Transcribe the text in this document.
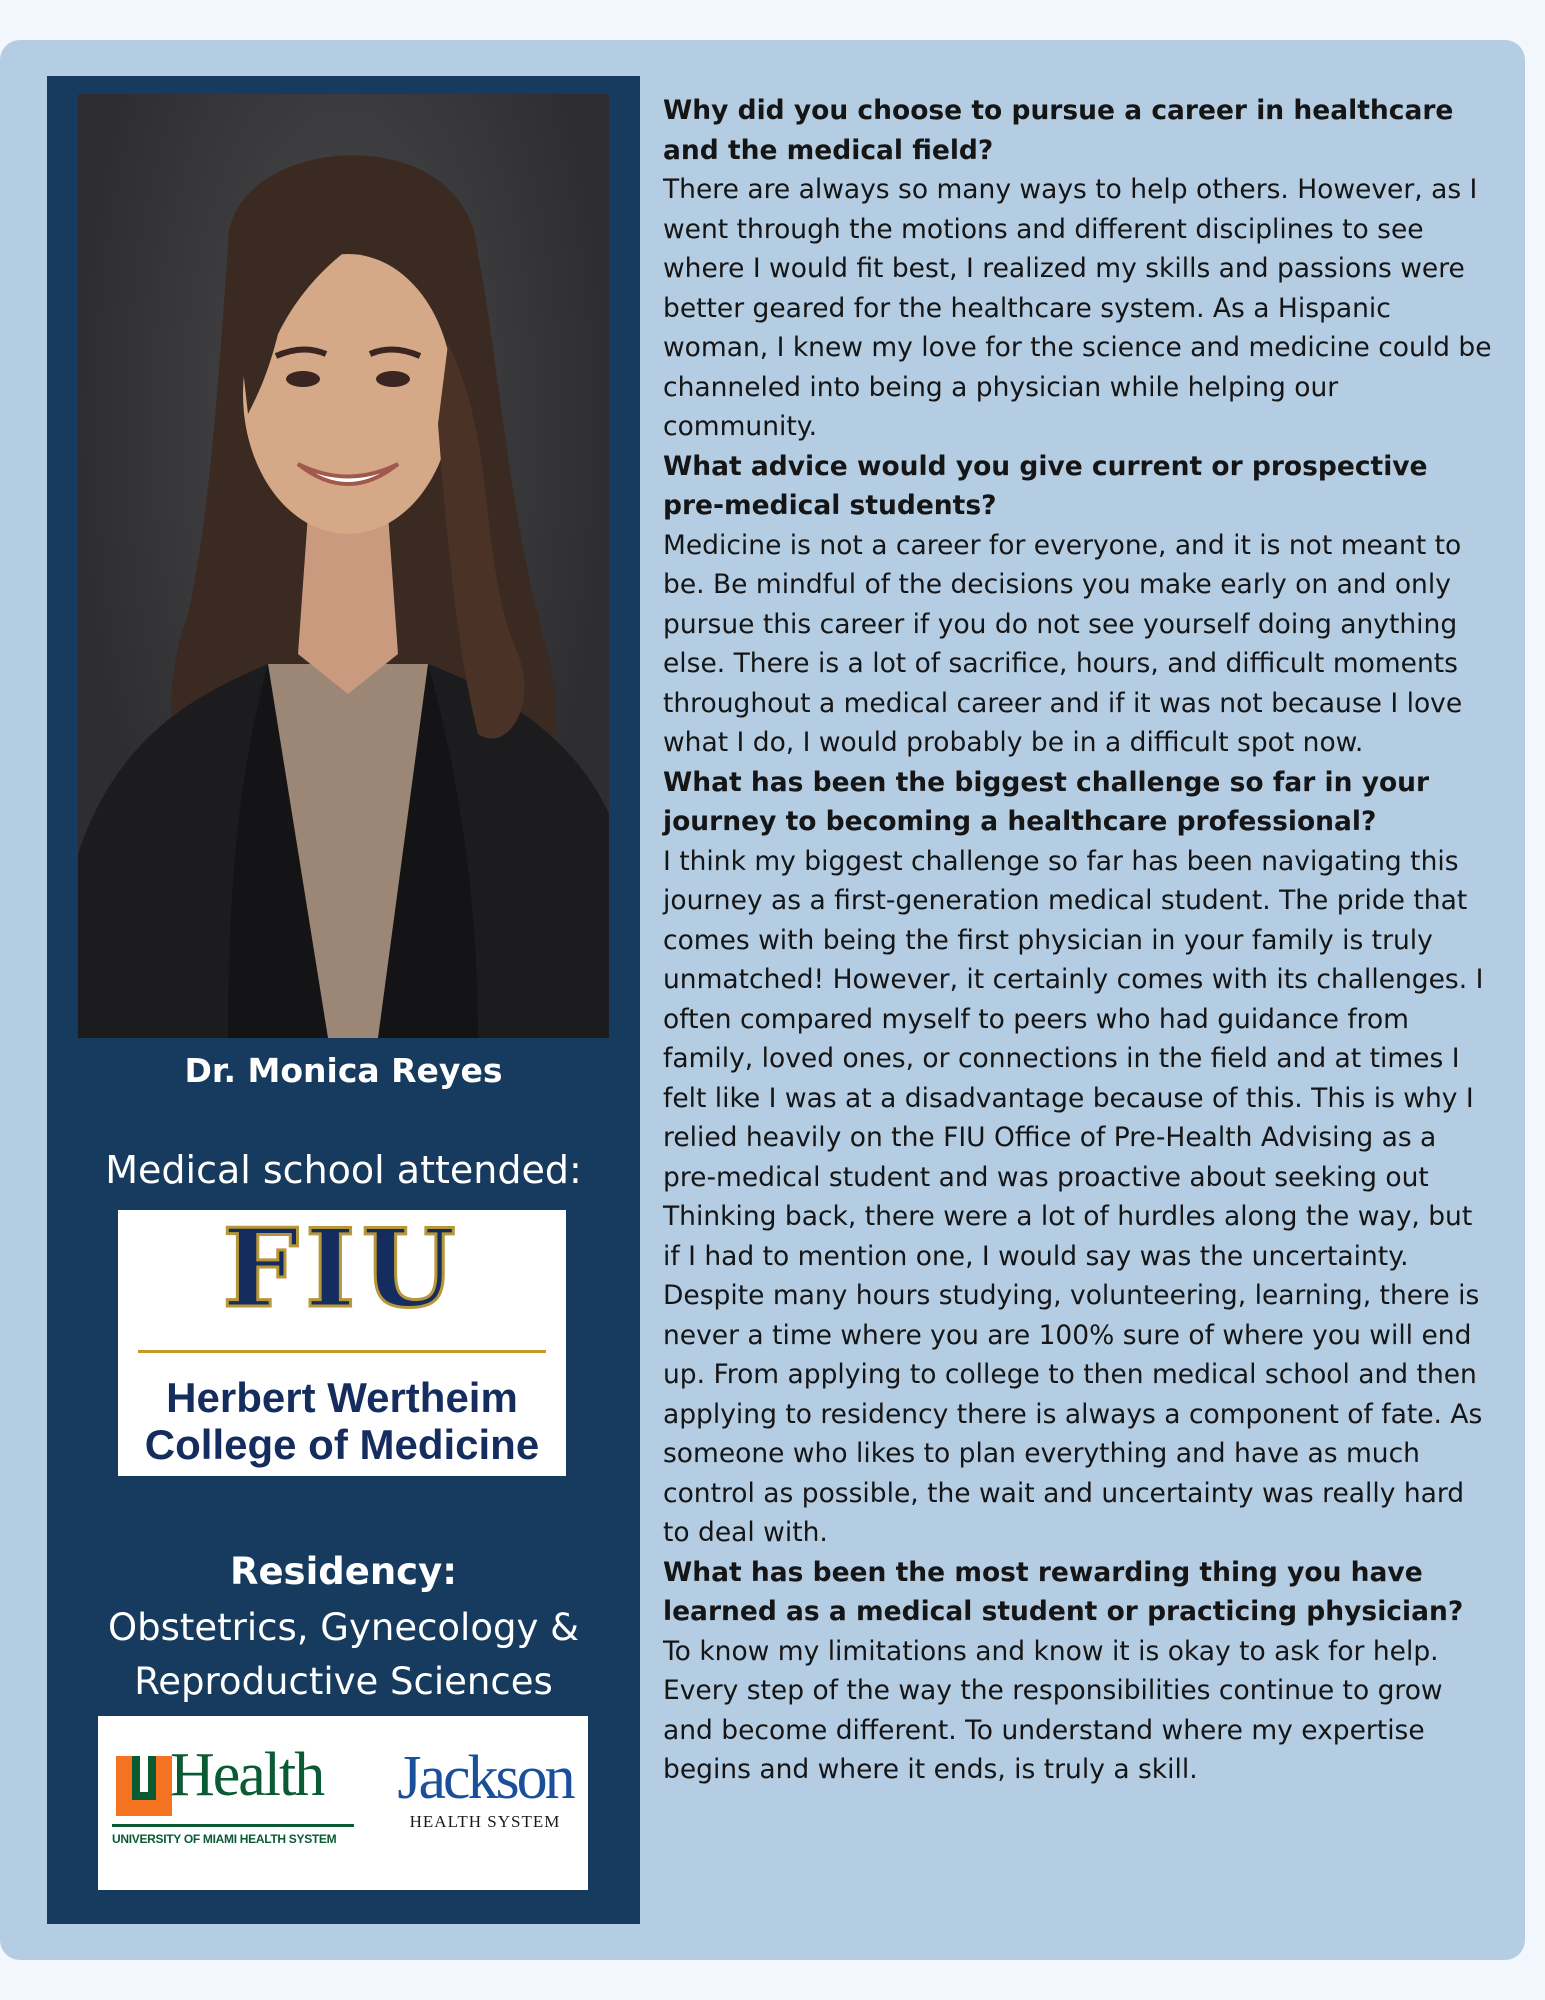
Dr. Monica Reyes
Medical school attended:
FIU
Herbert Wertheim
College of Medicine
Residency:
Obstetrics, Gynecology &
Reproductive Sciences
Health
UNIVERSITY OF MIAMI HEALTH SYSTEM
Jackson
HEALTH SYSTEM
Why did you choose to pursue a career in healthcare and the medical field?
There are always so many ways to help others. However, as I went through the motions and different disciplines to see where I would fit best, I realized my skills and passions were better geared for the healthcare system. As a Hispanic woman, I knew my love for the science and medicine could be channeled into being a physician while helping our community.
What advice would you give current or prospective pre-medical students?
Medicine is not a career for everyone, and it is not meant to be. Be mindful of the decisions you make early on and only pursue this career if you do not see yourself doing anything else. There is a lot of sacrifice, hours, and difficult moments throughout a medical career and if it was not because I love what I do, I would probably be in a difficult spot now.
What has been the biggest challenge so far in your journey to becoming a healthcare professional?
I think my biggest challenge so far has been navigating this journey as a first-generation medical student. The pride that comes with being the first physician in your family is truly unmatched! However, it certainly comes with its challenges. I often compared myself to peers who had guidance from family, loved ones, or connections in the field and at times I felt like I was at a disadvantage because of this. This is why I relied heavily on the FIU Office of Pre-Health Advising as a pre-medical student and was proactive about seeking out Thinking back, there were a lot of hurdles along the way, but if I had to mention one, I would say was the uncertainty. Despite many hours studying, volunteering, learning, there is never a time where you are 100% sure of where you will end up. From applying to college to then medical school and then applying to residency there is always a component of fate. As someone who likes to plan everything and have as much control as possible, the wait and uncertainty was really hard to deal with.
What has been the most rewarding thing you have learned as a medical student or practicing physician?
To know my limitations and know it is okay to ask for help. Every step of the way the responsibilities continue to grow and become different. To understand where my expertise begins and where it ends, is truly a skill.
